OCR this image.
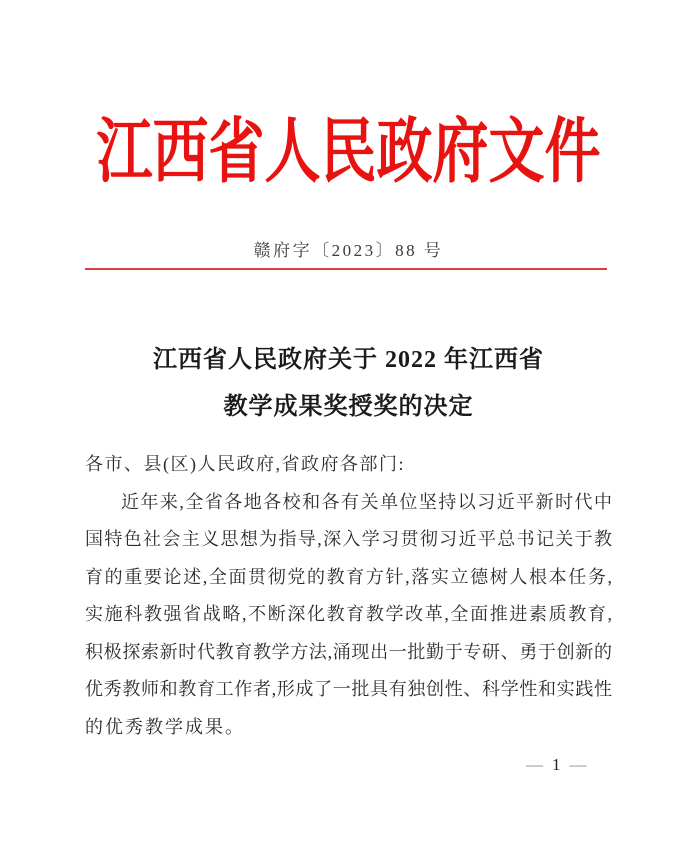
江西省人民政府文件
赣府字〔2023〕88 号
江西省人民政府关于 2022 年江西省
教学成果奖授奖的决定
各市、县(区)人民政府,省政府各部门:
近年来,全省各地各校和各有关单位坚持以习近平新时代中
国特色社会主义思想为指导,深入学习贯彻习近平总书记关于教
育的重要论述,全面贯彻党的教育方针,落实立德树人根本任务,
实施科教强省战略,不断深化教育教学改革,全面推进素质教育,
积极探索新时代教育教学方法,涌现出一批勤于专研、勇于创新的
优秀教师和教育工作者,形成了一批具有独创性、科学性和实践性
的优秀教学成果。
— 1 —
